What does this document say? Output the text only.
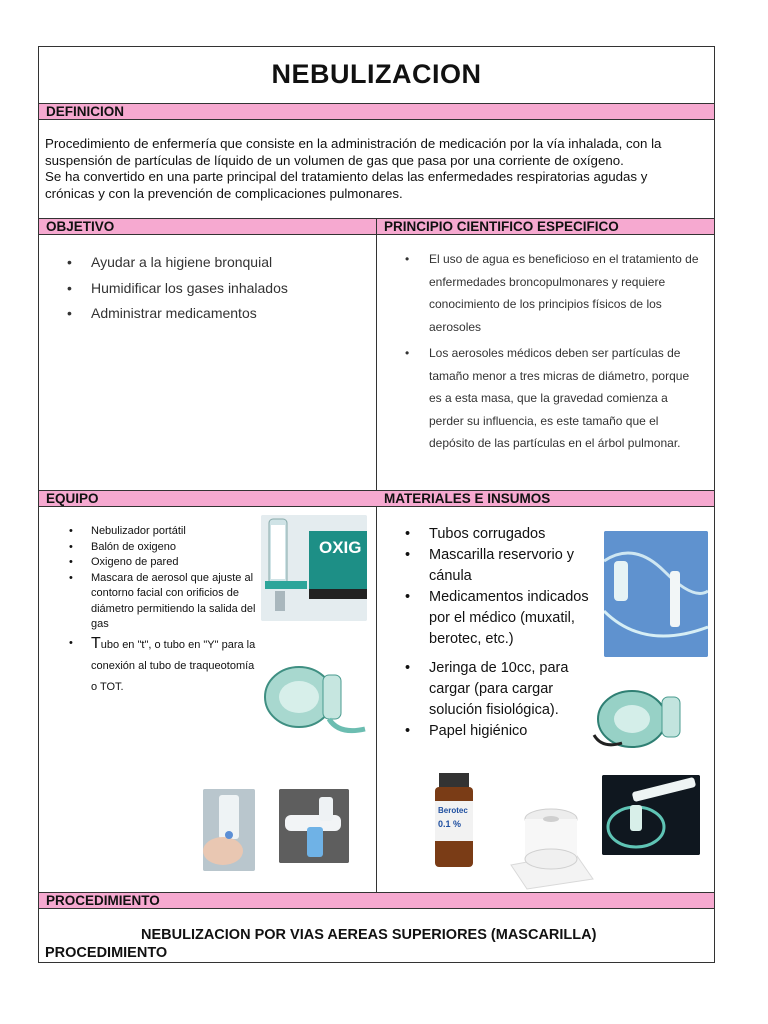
NEBULIZACION
DEFINICION
Procedimiento de enfermería que consiste en la administración de medicación por la vía inhalada, con la
suspensión de partículas de líquido de un volumen de gas que pasa por una corriente de oxígeno.
Se ha convertido en una parte principal del tratamiento delas las enfermedades respiratorias agudas y
crónicas y con la prevención de complicaciones pulmonares.
OBJETIVO	PRINCIPIO CIENTIFICO ESPECIFICO
• Ayudar a la higiene bronquial
• Humidificar los gases inhalados
• Administrar medicamentos
• El uso de agua es beneficioso en el tratamiento de enfermedades broncopulmonares y requiere conocimiento de los principios físicos de los aerosoles
• Los aerosoles médicos deben ser partículas de tamaño menor a tres micras de diámetro, porque es a esta masa, que la gravedad comienza a perder su influencia, es este tamaño que el depósito de las partículas en el árbol pulmonar.
EQUIPO	MATERIALES E INSUMOS
• Nebulizador portátil
• Balón de oxigeno
• Oxigeno de pared
• Mascara de aerosol que ajuste al contorno facial con orificios de diámetro permitiendo la salida del gas
• Tubo en "t", o tubo en "Y" para la conexión al tubo de traqueotomía o TOT.
• Tubos corrugados
• Mascarilla reservorio y cánula
• Medicamentos indicados por el médico (muxatil, berotec, etc.)
• Jeringa de 10cc, para cargar (para cargar solución fisiológica).
• Papel higiénico
OXIG
Berotec
0.1 %
PROCEDIMIENTO
NEBULIZACION POR VIAS AEREAS SUPERIORES (MASCARILLA)
PROCEDIMIENTO
